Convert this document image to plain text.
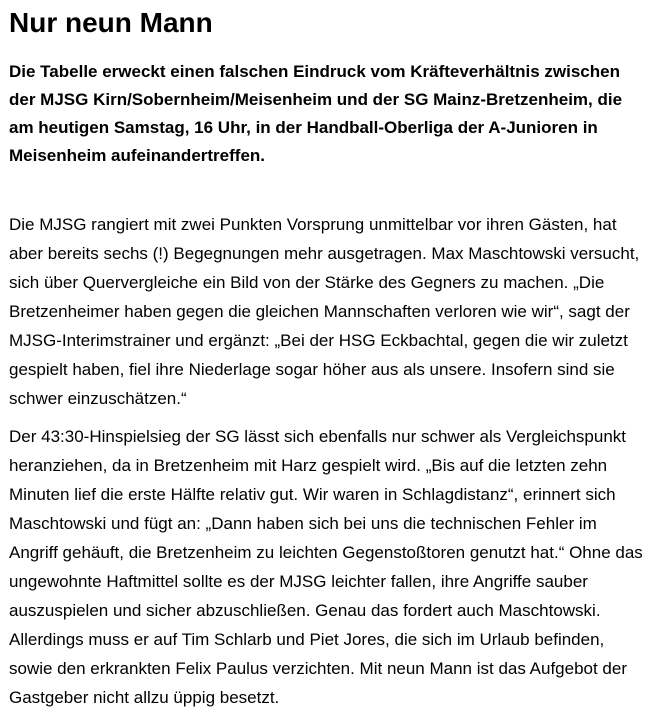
Nur neun Mann

Die Tabelle erweckt einen falschen Eindruck vom Kräfteverhältnis zwischen der MJSG Kirn/Sobernheim/Meisenheim und der SG Mainz-Bretzenheim, die am heutigen Samstag, 16 Uhr, in der Handball-Oberliga der A-Junioren in Meisenheim aufeinandertreffen.

Die MJSG rangiert mit zwei Punkten Vorsprung unmittelbar vor ihren Gästen, hat aber bereits sechs (!) Begegnungen mehr ausgetragen. Max Maschtowski versucht, sich über Quervergleiche ein Bild von der Stärke des Gegners zu machen. „Die Bretzenheimer haben gegen die gleichen Mannschaften verloren wie wir“, sagt der MJSG-Interimstrainer und ergänzt: „Bei der HSG Eckbachtal, gegen die wir zuletzt gespielt haben, fiel ihre Niederlage sogar höher aus als unsere. Insofern sind sie schwer einzuschätzen.“

Der 43:30-Hinspielsieg der SG lässt sich ebenfalls nur schwer als Vergleichspunkt heranziehen, da in Bretzenheim mit Harz gespielt wird. „Bis auf die letzten zehn Minuten lief die erste Hälfte relativ gut. Wir waren in Schlagdistanz“, erinnert sich Maschtowski und fügt an: „Dann haben sich bei uns die technischen Fehler im Angriff gehäuft, die Bretzenheim zu leichten Gegenstoßtoren genutzt hat.“ Ohne das ungewohnte Haftmittel sollte es der MJSG leichter fallen, ihre Angriffe sauber auszuspielen und sicher abzuschließen. Genau das fordert auch Maschtowski. Allerdings muss er auf Tim Schlarb und Piet Jores, die sich im Urlaub befinden, sowie den erkrankten Felix Paulus verzichten. Mit neun Mann ist das Aufgebot der Gastgeber nicht allzu üppig besetzt.
